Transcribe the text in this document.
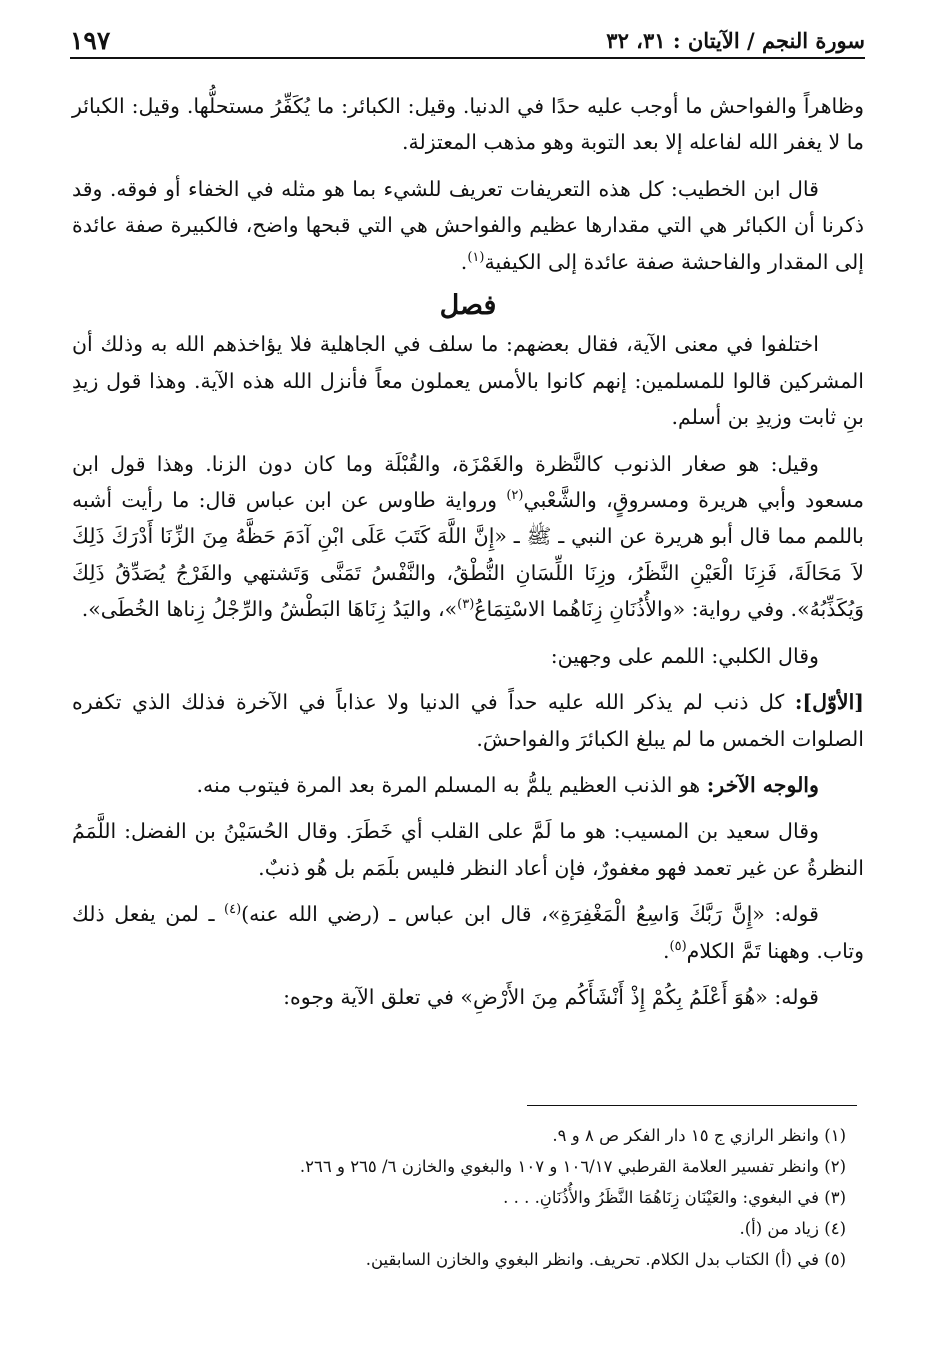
سورة النجم / الآيتان : ٣١، ٣٢
١٩٧

وظاهراً والفواحش ما أوجب عليه حدًا في الدنيا. وقيل: الكبائر: ما يُكَفِّرُ مستحلُّها. وقيل: الكبائر ما لا يغفر الله لفاعله إلا بعد التوبة وهو مذهب المعتزلة.

قال ابن الخطيب: كل هذه التعريفات تعريف للشيء بما هو مثله في الخفاء أو فوقه. وقد ذكرنا أن الكبائر هي التي مقدارها عظيم والفواحش هي التي قبحها واضح، فالكبيرة صفة عائدة إلى المقدار والفاحشة صفة عائدة إلى الكيفية$^{(١)}$.

فصل

اختلفوا في معنى الآية، فقال بعضهم: ما سلف في الجاهلية فلا يؤاخذهم الله به وذلك أن المشركين قالوا للمسلمين: إنهم كانوا بالأمس يعملون معاً فأنزل الله هذه الآية. وهذا قول زيدِ بنِ ثابت وزيدِ بن أسلم.

وقيل: هو صغار الذنوب كالنَّظرة والغَمْزَة، والقُبْلَة وما كان دون الزنا. وهذا قول ابن مسعود وأبي هريرة ومسروقٍ، والشَّعْبي$^{(٢)}$ ورواية طاوس عن ابن عباس قال: ما رأيت أشبه باللمم مما قال أبو هريرة عن النبي ـ ﷺ ـ «إِنَّ اللَّهَ كَتَبَ عَلَى ابْنِ آدَمَ حَظَّهُ مِنَ الزِّنَا أَدْرَكَ ذَلِكَ لاَ مَحَالَةَ، فَزِنَا الْعَيْنِ النَّظَرُ، وزِنَا اللِّسَانِ النُّطْقُ، والنَّفْسُ تَمَنَّى وَتَشتهي والفَرْجُ يُصَدِّقُ ذَلِكَ وَيُكَذِّبُهُ». وفي رواية: «والأُذُنَانِ زِنَاهُما الاسْتِمَاعُ$^{(٣)}$»، واليَدُ زِنَاهَا البَطْشُ والرِّجْلُ زِناها الخُطَى».

وقال الكلبي: اللمم على وجهين:

[الأوّل]: كل ذنب لم يذكر الله عليه حداً في الدنيا ولا عذاباً في الآخرة فذلك الذي تكفره الصلوات الخمس ما لم يبلغ الكبائرَ والفواحشَ.

والوجه الآخر: هو الذنب العظيم يلمُّ به المسلم المرة بعد المرة فيتوب منه.

وقال سعيد بن المسيب: هو ما لَمَّ على القلب أي خَطَرَ. وقال الحُسَيْنُ بن الفضل: اللَّمَمُ النظرةُ عن غير تعمد فهو مغفورٌ، فإن أعاد النظر فليس بلَمَم بل هُو ذنبٌ.

قوله: «إِنَّ رَبَّكَ وَاسِعُ الْمَغْفِرَةِ»، قال ابن عباس ـ (رضي الله عنه)$^{(٤)}$ ـ لمن يفعل ذلك وتاب. وههنا تَمَّ الكلام$^{(٥)}$.

قوله: «هُوَ أَعْلَمُ بِكُمْ إِذْ أَنْشَأَكُم مِنَ الأَرْضِ» في تعلق الآية وجوه:

(١) وانظر الرازي ج ١٥ دار الفكر ص ٨ و ٩.

(٢) وانظر تفسير العلامة القرطبي ١٠٦/١٧ و ١٠٧ والبغوي والخازن ٦/ ٢٦٥ و ٢٦٦.

(٣) في البغوي: والعَيْنَان زِنَاهُمَا النَّظَرُ والأُذُنَانِ. . . .

(٤) زياد من (أ).

(٥) في (أ) الكتاب بدل الكلام. تحريف. وانظر البغوي والخازن السابقين.
